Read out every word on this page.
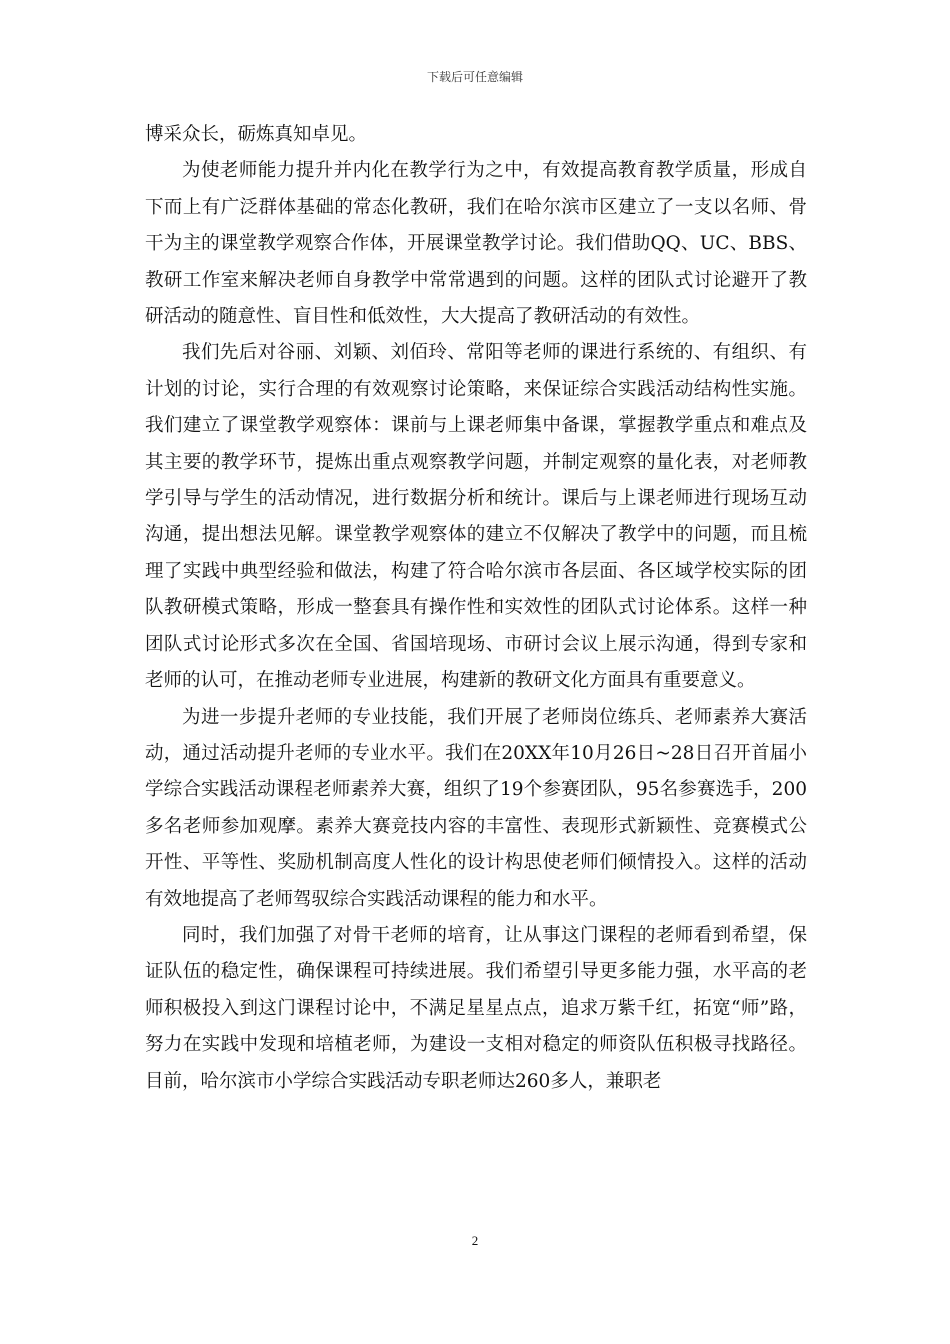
下载后可任意编辑

博采众长，砺炼真知卓见。

为使老师能力提升并内化在教学行为之中，有效提高教育教学质量，形成自下而上有广泛群体基础的常态化教研，我们在哈尔滨市区建立了一支以名师、骨干为主的课堂教学观察合作体，开展课堂教学讨论。我们借助QQ、UC、BBS、教研工作室来解决老师自身教学中常常遇到的问题。这样的团队式讨论避开了教研活动的随意性、盲目性和低效性，大大提高了教研活动的有效性。

我们先后对谷丽、刘颖、刘佰玲、常阳等老师的课进行系统的、有组织、有计划的讨论，实行合理的有效观察讨论策略，来保证综合实践活动结构性实施。我们建立了课堂教学观察体：课前与上课老师集中备课，掌握教学重点和难点及其主要的教学环节，提炼出重点观察教学问题，并制定观察的量化表，对老师教学引导与学生的活动情况，进行数据分析和统计。课后与上课老师进行现场互动沟通，提出想法见解。课堂教学观察体的建立不仅解决了教学中的问题，而且梳理了实践中典型经验和做法，构建了符合哈尔滨市各层面、各区域学校实际的团队教研模式策略，形成一整套具有操作性和实效性的团队式讨论体系。这样一种团队式讨论形式多次在全国、省国培现场、市研讨会议上展示沟通，得到专家和老师的认可，在推动老师专业进展，构建新的教研文化方面具有重要意义。

为进一步提升老师的专业技能，我们开展了老师岗位练兵、老师素养大赛活动，通过活动提升老师的专业水平。我们在20XX年10月26日~28日召开首届小学综合实践活动课程老师素养大赛，组织了19个参赛团队，95名参赛选手，200多名老师参加观摩。素养大赛竞技内容的丰富性、表现形式新颖性、竞赛模式公开性、平等性、奖励机制高度人性化的设计构思使老师们倾情投入。这样的活动有效地提高了老师驾驭综合实践活动课程的能力和水平。

同时，我们加强了对骨干老师的培育，让从事这门课程的老师看到希望，保证队伍的稳定性，确保课程可持续进展。我们希望引导更多能力强，水平高的老师积极投入到这门课程讨论中，不满足星星点点，追求万紫千红，拓宽“师”路，努力在实践中发现和培植老师，为建设一支相对稳定的师资队伍积极寻找路径。目前，哈尔滨市小学综合实践活动专职老师达260多人，兼职老

2
